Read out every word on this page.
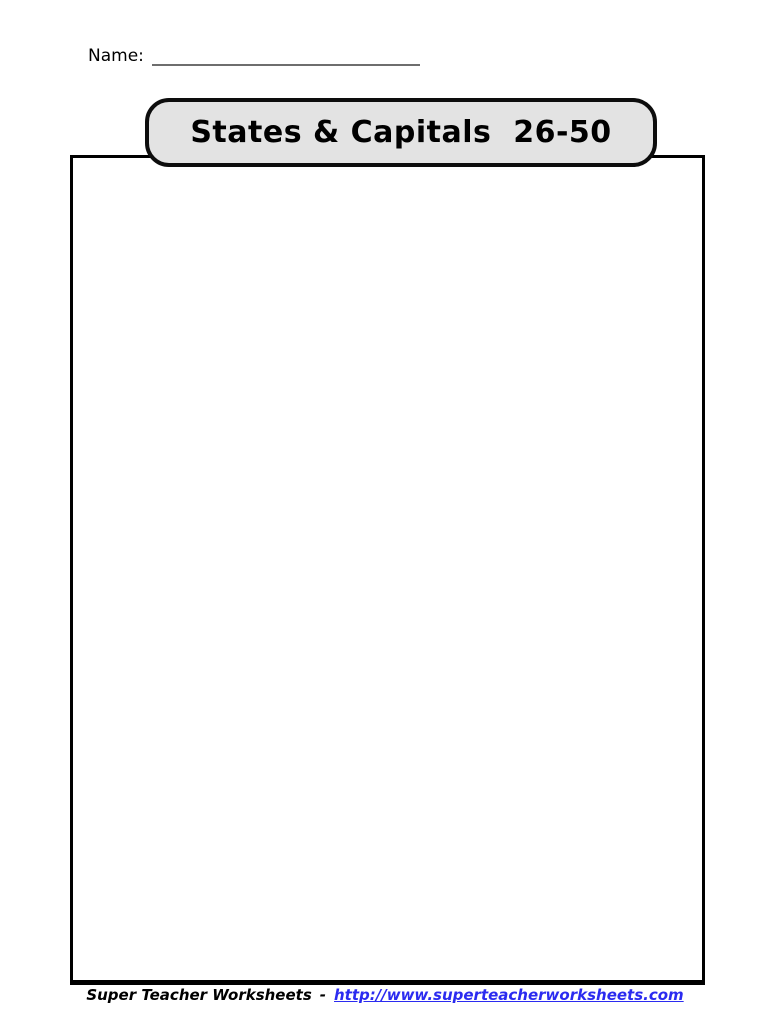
Name:
States & Capitals  26-50
Super Teacher Worksheets - http://www.superteacherworksheets.com
